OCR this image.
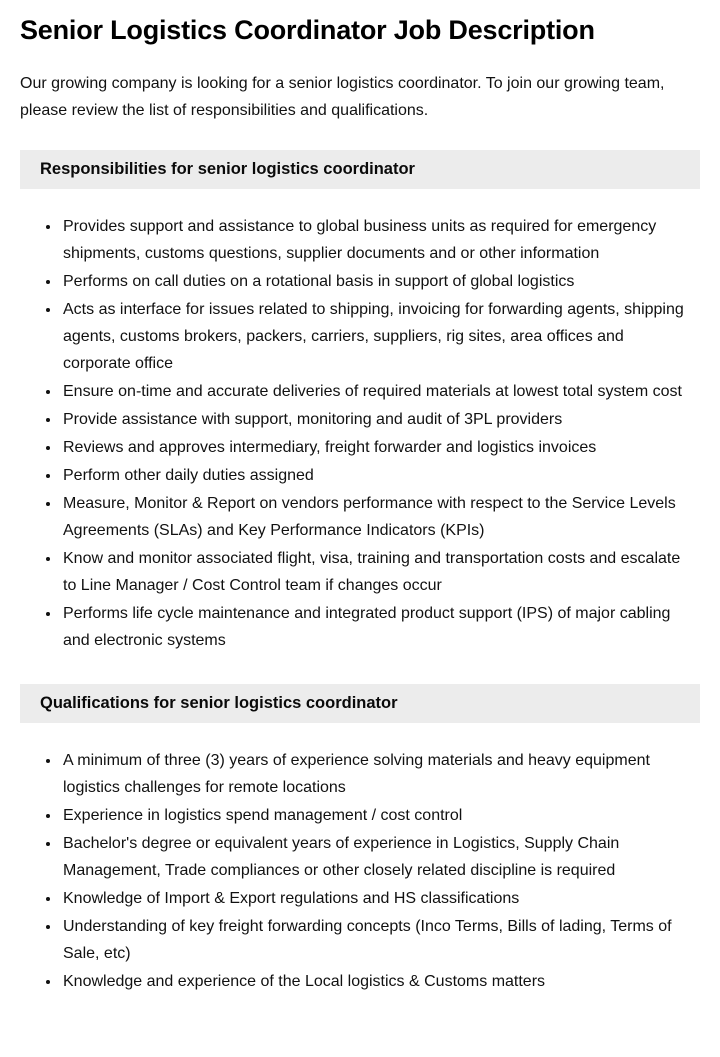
Senior Logistics Coordinator Job Description

Our growing company is looking for a senior logistics coordinator. To join our growing team, please review the list of responsibilities and qualifications.

Responsibilities for senior logistics coordinator
• Provides support and assistance to global business units as required for emergency shipments, customs questions, supplier documents and or other information
• Performs on call duties on a rotational basis in support of global logistics
• Acts as interface for issues related to shipping, invoicing for forwarding agents, shipping agents, customs brokers, packers, carriers, suppliers, rig sites, area offices and corporate office
• Ensure on-time and accurate deliveries of required materials at lowest total system cost
• Provide assistance with support, monitoring and audit of 3PL providers
• Reviews and approves intermediary, freight forwarder and logistics invoices
• Perform other daily duties assigned
• Measure, Monitor & Report on vendors performance with respect to the Service Levels Agreements (SLAs) and Key Performance Indicators (KPIs)
• Know and monitor associated flight, visa, training and transportation costs and escalate to Line Manager / Cost Control team if changes occur
• Performs life cycle maintenance and integrated product support (IPS) of major cabling and electronic systems
Qualifications for senior logistics coordinator
• A minimum of three (3) years of experience solving materials and heavy equipment logistics challenges for remote locations
• Experience in logistics spend management / cost control
• Bachelor's degree or equivalent years of experience in Logistics, Supply Chain Management, Trade compliances or other closely related discipline is required
• Knowledge of Import & Export regulations and HS classifications
• Understanding of key freight forwarding concepts (Inco Terms, Bills of lading, Terms of Sale, etc)
• Knowledge and experience of the Local logistics & Customs matters
